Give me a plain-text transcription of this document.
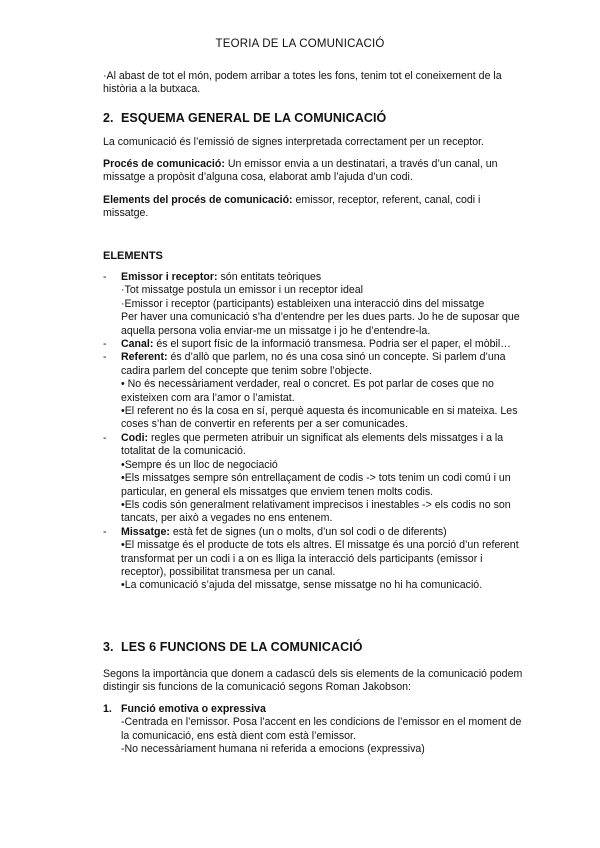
TEORIA DE LA COMUNICACIÓ

·Al abast de tot el món, podem arribar a totes les fons, tenim tot el coneixement de la història a la butxaca.

2. ESQUEMA GENERAL DE LA COMUNICACIÓ

La comunicació és l’emissió de signes interpretada correctament per un receptor.

Procés de comunicació: Un emissor envia a un destinatari, a través d’un canal, un missatge a propòsit d’alguna cosa, elaborat amb l’ajuda d’un codi.

Elements del procés de comunicació: emissor, receptor, referent, canal, codi i missatge.

ELEMENTS
- Emissor i receptor: són entitats teòriques

·Tot missatge postula un emissor i un receptor ideal

·Emissor i receptor (participants) estableixen una interacció dins del missatge

Per haver una comunicació s’ha d’entendre per les dues parts. Jo he de suposar que aquella persona volia enviar-me un missatge i jo he d’entendre-la.

- Canal: és el suport físic de la informació transmesa. Podria ser el paper, el mòbil…

- Referent: és d’allò que parlem, no és una cosa sinó un concepte. Si parlem d’una cadira parlem del concepte que tenim sobre l’objecte.

• No és necessàriament verdader, real o concret. Es pot parlar de coses que no existeixen com ara l’amor o l’amistat.

•El referent no és la cosa en sí, perquè aquesta és incomunicable en si mateixa. Les coses s’han de convertir en referents per a ser comunicades.

- Codi: regles que permeten atribuir un significat als elements dels missatges i a la totalitat de la comunicació.

•Sempre és un lloc de negociació

•Els missatges sempre són entrellaçament de codis -> tots tenim un codi comú i un particular, en general els missatges que enviem tenen molts codis.

•Els codis són generalment relativament imprecisos i inestables -> els codis no son tancats, per això a vegades no ens entenem.

- Missatge: està fet de signes (un o molts, d’un sol codi o de diferents)

•El missatge és el producte de tots els altres. El missatge és una porció d’un referent transformat per un codi i a on es lliga la interacció dels participants (emissor i receptor), possibilitat transmesa per un canal.

•La comunicació s’ajuda del missatge, sense missatge no hi ha comunicació.

3. LES 6 FUNCIONS DE LA COMUNICACIÓ

Segons la importància que donem a cadascú dels sis elements de la comunicació podem distingir sis funcions de la comunicació segons Roman Jakobson:

1. Funció emotiva o expressiva

-Centrada en l’emissor. Posa l’accent en les condicions de l’emissor en el moment de la comunicació, ens està dient com està l’emissor.

-No necessàriament humana ni referida a emocions (expressiva)
